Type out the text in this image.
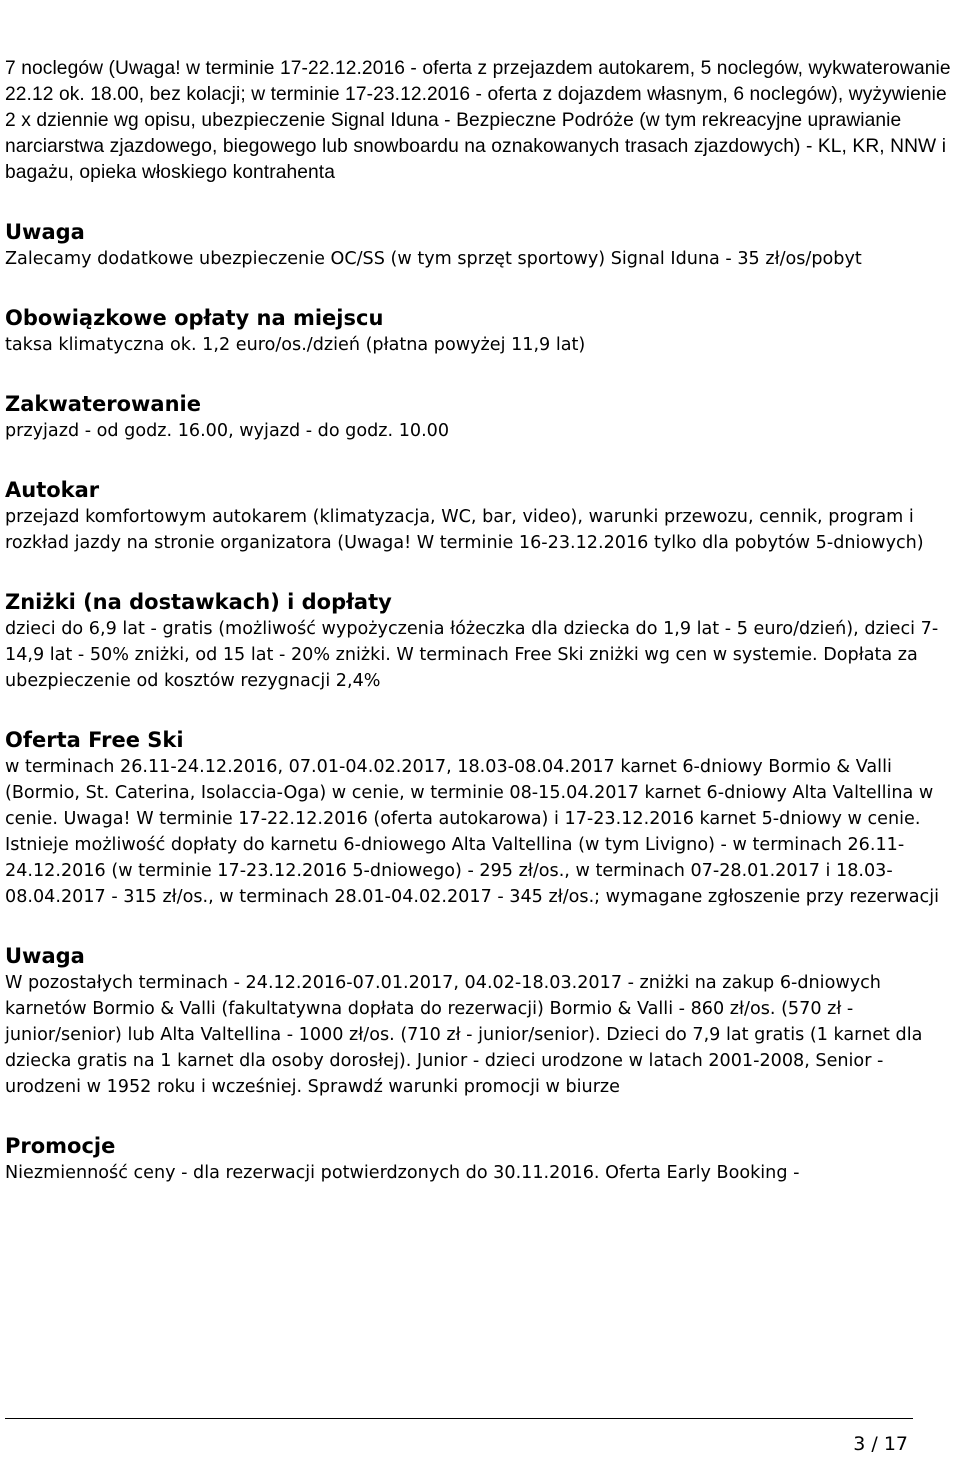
7 noclegów (Uwaga! w terminie 17-22.12.2016 - oferta z przejazdem autokarem, 5 noclegów, wykwaterowanie 22.12 ok. 18.00, bez kolacji; w terminie 17-23.12.2016 - oferta z dojazdem własnym, 6 noclegów), wyżywienie 2 x dziennie wg opisu, ubezpieczenie Signal Iduna - Bezpieczne Podróże (w tym rekreacyjne uprawianie narciarstwa zjazdowego, biegowego lub snowboardu na oznakowanych trasach zjazdowych) - KL, KR, NNW i bagażu, opieka włoskiego kontrahenta
Uwaga
Zalecamy dodatkowe ubezpieczenie OC/SS (w tym sprzęt sportowy) Signal Iduna - 35 zł/os/pobyt
Obowiązkowe opłaty na miejscu
taksa klimatyczna ok. 1,2 euro/os./dzień (płatna powyżej 11,9 lat)
Zakwaterowanie
przyjazd - od godz. 16.00, wyjazd - do godz. 10.00
Autokar
przejazd komfortowym autokarem (klimatyzacja, WC, bar, video), warunki przewozu, cennik, program i rozkład jazdy na stronie organizatora (Uwaga! W terminie 16-23.12.2016 tylko dla pobytów 5-dniowych)
Zniżki (na dostawkach) i dopłaty
dzieci do 6,9 lat - gratis (możliwość wypożyczenia łóżeczka dla dziecka do 1,9 lat - 5 euro/dzień), dzieci 7-14,9 lat - 50% zniżki, od 15 lat - 20% zniżki. W terminach Free Ski zniżki wg cen w systemie. Dopłata za ubezpieczenie od kosztów rezygnacji 2,4%
Oferta Free Ski
w terminach 26.11-24.12.2016, 07.01-04.02.2017, 18.03-08.04.2017 karnet 6-dniowy Bormio & Valli (Bormio, St. Caterina, Isolaccia-Oga) w cenie, w terminie 08-15.04.2017 karnet 6-dniowy Alta Valtellina w cenie. Uwaga! W terminie 17-22.12.2016 (oferta autokarowa) i 17-23.12.2016 karnet 5-dniowy w cenie. Istnieje możliwość dopłaty do karnetu 6-dniowego Alta Valtellina (w tym Livigno) - w terminach 26.11-24.12.2016 (w terminie 17-23.12.2016 5-dniowego) - 295 zł/os., w terminach 07-28.01.2017 i 18.03-08.04.2017 - 315 zł/os., w terminach 28.01-04.02.2017 - 345 zł/os.; wymagane zgłoszenie przy rezerwacji
Uwaga
W pozostałych terminach - 24.12.2016-07.01.2017, 04.02-18.03.2017 - zniżki na zakup 6-dniowych karnetów Bormio & Valli (fakultatywna dopłata do rezerwacji) Bormio & Valli - 860 zł/os. (570 zł - junior/senior) lub Alta Valtellina - 1000 zł/os. (710 zł - junior/senior). Dzieci do 7,9 lat gratis (1 karnet dla dziecka gratis na 1 karnet dla osoby dorosłej). Junior - dzieci urodzone w latach 2001-2008, Senior - urodzeni w 1952 roku i wcześniej. Sprawdź warunki promocji w biurze
Promocje
Niezmienność ceny - dla rezerwacji potwierdzonych do 30.11.2016. Oferta Early Booking -
3 / 17
